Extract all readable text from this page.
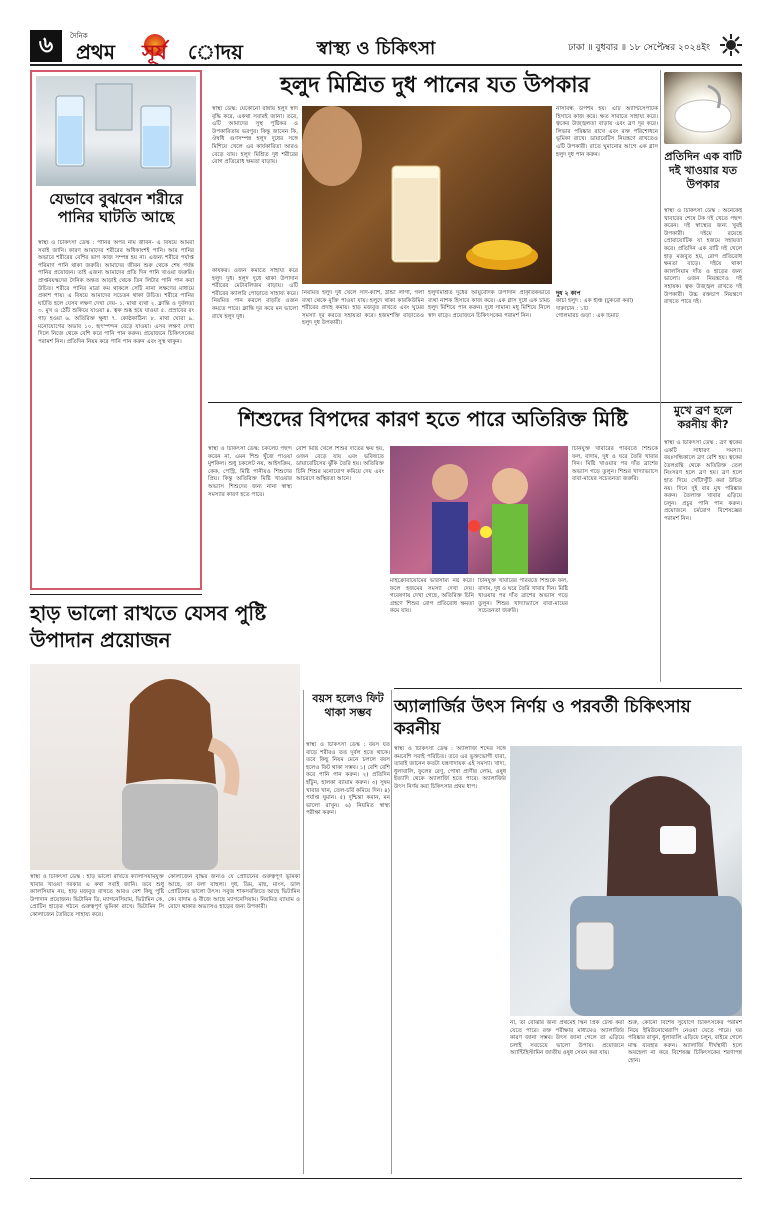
৬	দৈনিক
প্রথম সূর্য োদয়	স্বাস্থ্য ও চিকিৎসা	ঢাকা ॥ বুধবার ॥ ১৮ সেপ্টেম্বর ২০২৪ইং
যেভাবে বুঝবেন শরীরে পানির ঘাটতি আছে
স্বাস্থ্য ও চিকিৎসা ডেস্ক : পানির অপর নাম জীবন- এ বিষয়ে আমরা সবাই জানি। কারণ আমাদের শরীরের অধিকাংশই পানি। আর পানির অভাবে শরীরের বেশির ভাগ কাজ সম্পন্ন হয় না। এজন্য শরীরে পর্যাপ্ত পরিমাণ পানি থাকা জরুরি। আমাদের জীবন শুরু থেকে শেষ পর্যন্ত পানির প্রয়োজন। তাই এজন্য আমাদের প্রতি দিন পানি খাওয়া জরুরি। প্রাপ্তবয়স্কদের দৈনিক অন্তত আড়াই থেকে তিন লিটার পানি পান করা উচিত। শরীরে পানির মাত্রা কম থাকলে সেটি নানা লক্ষণের মাধ্যমে প্রকাশ পায়। এ বিষয়ে আমাদের সচেতন থাকা উচিত। শরীরে পানির ঘাটতি হলে যেসব লক্ষণ দেখা দেয়- ১. মাথা ব্যথা ২. ক্লান্তি ও দুর্বলতা ৩. মুখ ও ঠোঁট শুকিয়ে যাওয়া ৪. ত্বক শুষ্ক হয়ে যাওয়া ৫. প্রস্রাবের রং গাঢ় হওয়া ৬. অতিরিক্ত ক্ষুধা ৭. কোষ্ঠকাঠিন্য ৮. মাথা ঘোরা ৯. মনোযোগের অভাব ১০. হৃৎস্পন্দন বেড়ে যাওয়া। এসব লক্ষণ দেখা দিলে নিজে থেকে বেশি করে পানি পান করুন। প্রয়োজনে চিকিৎসকের পরামর্শ নিন। প্রতিদিন নিয়ম করে পানি পান করুন এবং সুস্থ থাকুন।
হলুদ মিশ্রিত দুধ পানের যত উপকার
স্বাস্থ্য ডেস্ক: যেকোনো রান্নায় হলুদ স্বাদ বৃদ্ধি করে, একথা সবারই জানা। তবে, এটি আমাদের সুস্থ পুষ্টিকর ও উপকারিতায় ভরপুর। কিন্তু জানেন কি, ঔষধি গুণসম্পন্ন হলুদ দুধের সঙ্গে মিশিয়ে খেলে এর কার্যকারিতা আরও বেড়ে যায়। হলুদ মিশ্রিত দুধ শরীরের রোগ প্রতিরোধ ক্ষমতা বাড়ায়।
নাসাবন্ধ উপশম হয়। এটি অ্যান্টিসেপটিক হিসাবে কাজ করে। ক্ষত সারাতে সাহায্য করে। ত্বকের উজ্জ্বলতা বাড়ায় এবং ব্রণ দূর করে। লিভার পরিষ্কার রাখে এবং রক্ত পরিশোধনে ভূমিকা রাখে। ডায়াবেটিস নিয়ন্ত্রণে রাখতেও এটি উপকারী। রাতে ঘুমানোর আগে এক গ্লাস হলুদ দুধ পান করুন।
কার্যকর। ওজন কমাতে সাহায্য করে হলুদ দুধ। হলুদ দুধে থাকা উপাদান শরীরের মেটাবলিজম বাড়ায়। এটি শরীরের ক্যালরি পোড়াতে সাহায্য করে। নিয়মিত পান করলে বাড়তি ওজন কমতে পারে। ক্লান্তি দূর করে মন ভালো রাখে হলুদ দুধ।
নিয়মিত হলুদ দুধ খেলে সর্দি-কাশি, ঠান্ডা লাগা, গলা ব্যথা থেকে মুক্তি পাওয়া যায়। হলুদে থাকা কারকিউমিন শরীরের প্রদাহ কমায়। হাড় মজবুত রাখতে এবং ঘুমের সমস্যা দূর করতে সহায়তা করে। হজমশক্তি বাড়াতেও হলুদ দুধ উপকারী।
হলুদমিশ্রিত দুধের আয়ুর্বেদিক উপাদান প্রাকৃতিকভাবে ব্যথা নাশক হিসাবে কাজ করে। এক গ্লাস দুধে এক চামচ হলুদ মিশিয়ে পান করুন। দুধে সামান্য মধু মিশিয়ে নিলে স্বাদ বাড়ে। প্রয়োজনে চিকিৎসকের পরামর্শ নিন।
দুধ ২ কাপ
কাঁচা হলুদ : এক ইঞ্চি (টুকরো করা)
দারুচিনি : ১টি
গোলমরিচ গুঁড়া : এক চিমটি
প্রতিদিন এক বাটি দই খাওয়ার যত উপকার
স্বাস্থ্য ও চিকিৎসা ডেস্ক : অনেকেই খাবারের শেষে টক দই খেতে পছন্দ করেন। দই স্বাস্থ্যের জন্য খুবই উপকারী। দইয়ে রয়েছে প্রোবায়োটিক যা হজমে সহায়তা করে। প্রতিদিন এক বাটি দই খেলে হাড় মজবুত হয়, রোগ প্রতিরোধ ক্ষমতা বাড়ে। দইয়ে থাকা ক্যালসিয়াম দাঁত ও হাড়ের জন্য ভালো। ওজন নিয়ন্ত্রণেও দই সহায়ক। ত্বক উজ্জ্বল রাখতে দই উপকারী। উচ্চ রক্তচাপ নিয়ন্ত্রণে রাখতে পারে দই।
শিশুদের বিপদের কারণ হতে পারে অতিরিক্ত মিষ্টি
স্বাস্থ্য ও চিকিৎসা ডেস্ক: চকলেট পছন্দ করেন না, এমন শিশু খুঁজে পাওয়া মুশকিল। শুধু চকলেট নয়, আইসক্রিম, কেক, পেস্ট্রি, মিষ্টি পানীয়ও শিশুদের প্রিয়। কিন্তু অতিরিক্ত মিষ্টি খাওয়ার অভ্যাস শিশুদের জন্য নানা স্বাস্থ্য সমস্যার কারণ হতে পারে।
বেশি মিষ্টি খেলে শিশুর দাঁতের ক্ষয় হয়, ওজন বেড়ে যায় এবং ভবিষ্যতে ডায়াবেটিসের ঝুঁকি তৈরি হয়। অতিরিক্ত চিনি শিশুর মনোযোগ কমিয়ে দেয় এবং আচরণে অস্থিরতা আনে।
মাইক্রোবায়োমের ভারসাম্য নষ্ট করে। ফলে হজমের সমস্যা দেখা দেয়। গবেষণায় দেখা গেছে, অতিরিক্ত চিনি গ্রহণে শিশুর রোগ প্রতিরোধ ক্ষমতা কমে যায়।
চিনিযুক্ত খাবারের পরিবর্তে শিশুকে ফল, বাদাম, দুধ ও ঘরে তৈরি খাবার দিন। মিষ্টি খাওয়ার পর দাঁত ব্রাশের অভ্যাস গড়ে তুলুন। শিশুর খাদ্যাভ্যাসে বাবা-মায়ের সচেতনতা জরুরি।
চিনিযুক্ত খাবারের পরিবর্তে শিশুকে ফল, বাদাম, দুধ ও ঘরে তৈরি খাবার দিন। মিষ্টি খাওয়ার পর দাঁত ব্রাশের অভ্যাস গড়ে তুলুন। শিশুর খাদ্যাভ্যাসে বাবা-মায়ের সচেতনতা জরুরি।
মুখে ব্রণ হলে করনীয় কী?
স্বাস্থ্য ও চিকিৎসা ডেস্ক : ব্রণ ত্বকের একটি সাধারণ সমস্যা। বয়ঃসন্ধিকালে ব্রণ বেশি হয়। ত্বকের তৈলগ্রন্থি থেকে অতিরিক্ত তেল নিঃসরণ হলে ব্রণ হয়। ব্রণ হলে হাত দিয়ে খোঁটাখুঁটি করা উচিত নয়। দিনে দুই বার মুখ পরিষ্কার করুন। তৈলাক্ত খাবার এড়িয়ে চলুন। প্রচুর পানি পান করুন। প্রয়োজনে চর্মরোগ বিশেষজ্ঞের পরামর্শ নিন।
হাড় ভালো রাখতে যেসব পুষ্টি উপাদান প্রয়োজন
স্বাস্থ্য ও চিকিৎসা ডেস্ক : হাড় ভালো রাখতে ক্যালসিয়ামযুক্ত খাবার খাওয়া দরকার এ কথা সবাই জানি। তবে শুধু ক্যালসিয়াম নয়, হাড় মজবুত রাখতে আরও বেশ কিছু পুষ্টি উপাদান প্রয়োজন। ভিটামিন ডি, ম্যাগনেসিয়াম, ভিটামিন কে, প্রোটিন হাড়ের গঠনে গুরুত্বপূর্ণ ভূমিকা রাখে। ভিটামিন সি কোলাজেন তৈরিতে সাহায্য করে।
কোলাজেন বৃদ্ধির জন্যও যে প্রোটিনের গুরুত্বপূর্ণ ভূমিকা আছে, তা বলা বাহুল্য। দুধ, ডিম, মাছ, মাংস, ডাল প্রোটিনের ভালো উৎস। সবুজ শাকসবজিতে আছে ভিটামিন কে। বাদাম ও বীজে আছে ম্যাগনেসিয়াম। নিয়মিত ব্যায়াম ও রোদে থাকার অভ্যাসও হাড়ের জন্য উপকারী।
বয়স হলেও ফিট থাকা সম্ভব
স্বাস্থ্য ও চিকিৎসা ডেস্ক : বয়স যত বাড়ে শরীরও তত দুর্বল হতে থাকে। তবে কিছু নিয়ম মেনে চললে বয়স হলেও ফিট থাকা সম্ভব। ১) বেশি বেশি করে পানি পান করুন। ২) প্রতিদিন হাঁটুন, হালকা ব্যায়াম করুন। ৩) সুষম খাবার খান, তেল-চর্বি কমিয়ে দিন। ৪) পর্যাপ্ত ঘুমান। ৫) দুশ্চিন্তা কমান, মন ভালো রাখুন। ৬) নিয়মিত স্বাস্থ্য পরীক্ষা করুন।
অ্যালার্জির উৎস নির্ণয় ও পরবর্তী চিকিৎসায় করনীয়
স্বাস্থ্য ও চিকিৎসা ডেস্ক : অ্যালার্জি শব্দের সঙ্গে কমবেশি সবাই পরিচিত। তবে এর ভুক্তভোগী যারা, তারাই জানেন কতটা যন্ত্রণাদায়ক এই সমস্যা। খাদ্য, ধুলাবালি, ফুলের রেণু, পোষা প্রাণীর লোম, ওষুধ ইত্যাদি থেকে অ্যালার্জি হতে পারে। অ্যালার্জির উৎস নির্ণয় করা চিকিৎসার প্রথম ধাপ।
না, তা বোঝার জন্য প্রথমেই স্কিন প্রিক টেস্ট করা যেতে পারে। রক্ত পরীক্ষার মাধ্যমেও অ্যালার্জির কারণ জানা সম্ভব। উৎস জানা গেলে তা এড়িয়ে চলাই সবচেয়ে ভালো উপায়। প্রয়োজনে অ্যান্টিহিস্টামিন জাতীয় ওষুধ সেবন করা যায়।
শুরু, কোনো বিশেষ সুযোগে চিকিৎসকের পরামর্শ নিয়ে ইমিউনোথেরাপি নেওয়া যেতে পারে। ঘর পরিষ্কার রাখুন, ধুলাবালি এড়িয়ে চলুন, বাইরে গেলে মাস্ক ব্যবহার করুন। অ্যালার্জি দীর্ঘস্থায়ী হলে অবহেলা না করে বিশেষজ্ঞ চিকিৎসকের শরণাপন্ন হোন।
